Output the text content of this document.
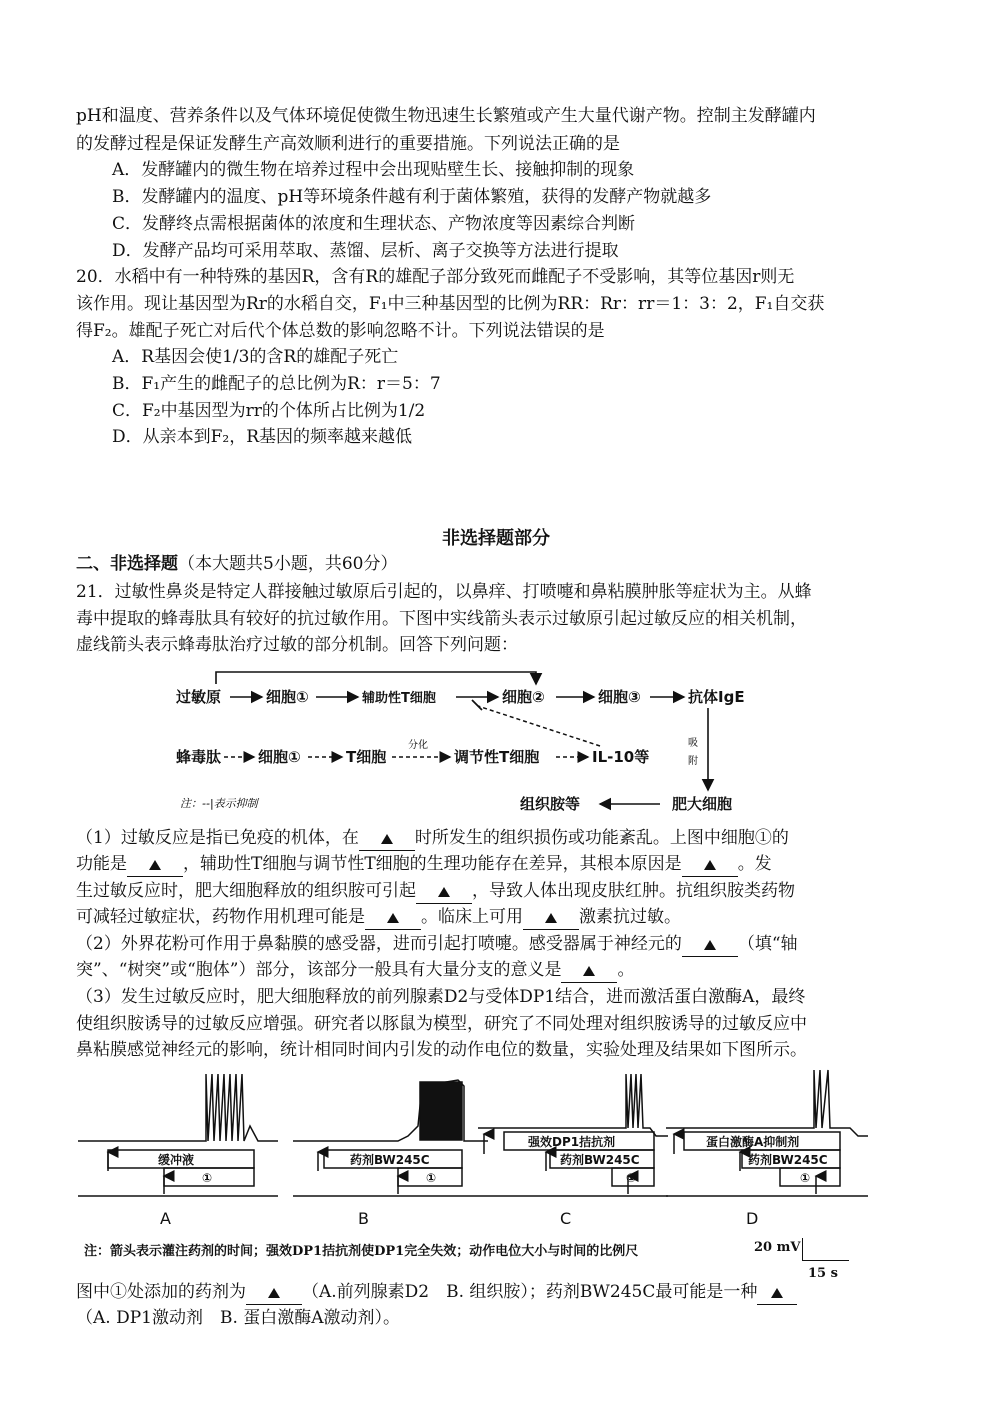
pH和温度、营养条件以及气体环境促使微生物迅速生长繁殖或产生大量代谢产物。控制主发酵罐内
的发酵过程是保证发酵生产高效顺利进行的重要措施。下列说法正确的是
A．发酵罐内的微生物在培养过程中会出现贴壁生长、接触抑制的现象
B．发酵罐内的温度、pH等环境条件越有利于菌体繁殖，获得的发酵产物就越多
C．发酵终点需根据菌体的浓度和生理状态、产物浓度等因素综合判断
D．发酵产品均可采用萃取、蒸馏、层析、离子交换等方法进行提取
20．水稻中有一种特殊的基因R，含有R的雄配子部分致死而雌配子不受影响，其等位基因r则无
该作用。现让基因型为Rr的水稻自交，F₁中三种基因型的比例为RR：Rr：rr＝1：3：2，F₁自交获
得F₂。雄配子死亡对后代个体总数的影响忽略不计。下列说法错误的是
A．R基因会使1/3的含R的雄配子死亡
B．F₁产生的雌配子的总比例为R：r＝5：7
C．F₂中基因型为rr的个体所占比例为1/2
D．从亲本到F₂，R基因的频率越来越低
非选择题部分
二、非选择题（本大题共5小题，共60分）
21．过敏性鼻炎是特定人群接触过敏原后引起的，以鼻痒、打喷嚏和鼻粘膜肿胀等症状为主。从蜂
毒中提取的蜂毒肽具有较好的抗过敏作用。下图中实线箭头表示过敏原引起过敏反应的相关机制，
虚线箭头表示蜂毒肽治疗过敏的部分机制。回答下列问题：
过敏原	细胞①	辅助性T细胞	细胞②	细胞③	抗体IgE
蜂毒肽 细胞①	T细胞	调节性T细胞	IL-10等
肥大细胞
组织胺等
分化	吸
附
注：--|表示抑制
（1）过敏反应是指已免疫的机体，在	时所发生的组织损伤或功能紊乱。上图中细胞①的
功能是	，辅助性T细胞与调节性T细胞的生理功能存在差异，其根本原因是	。发
生过敏反应时，肥大细胞释放的组织胺可引起	，导致人体出现皮肤红肿。抗组织胺类药物
可减轻过敏症状，药物作用机理可能是	。临床上可用	激素抗过敏。
（2）外界花粉可作用于鼻黏膜的感受器，进而引起打喷嚏。感受器属于神经元的	（填“轴
突”、“树突”或“胞体”）部分，该部分一般具有大量分支的意义是	。
（3）发生过敏反应时，肥大细胞释放的前列腺素D2与受体DP1结合，进而激活蛋白激酶A，最终
使组织胺诱导的过敏反应增强。研究者以豚鼠为模型，研究了不同处理对组织胺诱导的过敏反应中
鼻粘膜感觉神经元的影响，统计相同时间内引发的动作电位的数量，实验处理及结果如下图所示。
缓冲液
①
药剂BW245C
①
强效DP1拮抗剂
药剂BW245C
①
蛋白激酶A抑制剂
药剂BW245C
①
A	B	C	D
注：箭头表示灌注药剂的时间；强效DP1拮抗剂使DP1完全失效；动作电位大小与时间的比例尺	20 mV
15 s
图中①处添加的药剂为	（A.前列腺素D2　B. 组织胺）；药剂BW245C最可能是一种
（A. DP1激动剂　B. 蛋白激酶A激动剂）。
